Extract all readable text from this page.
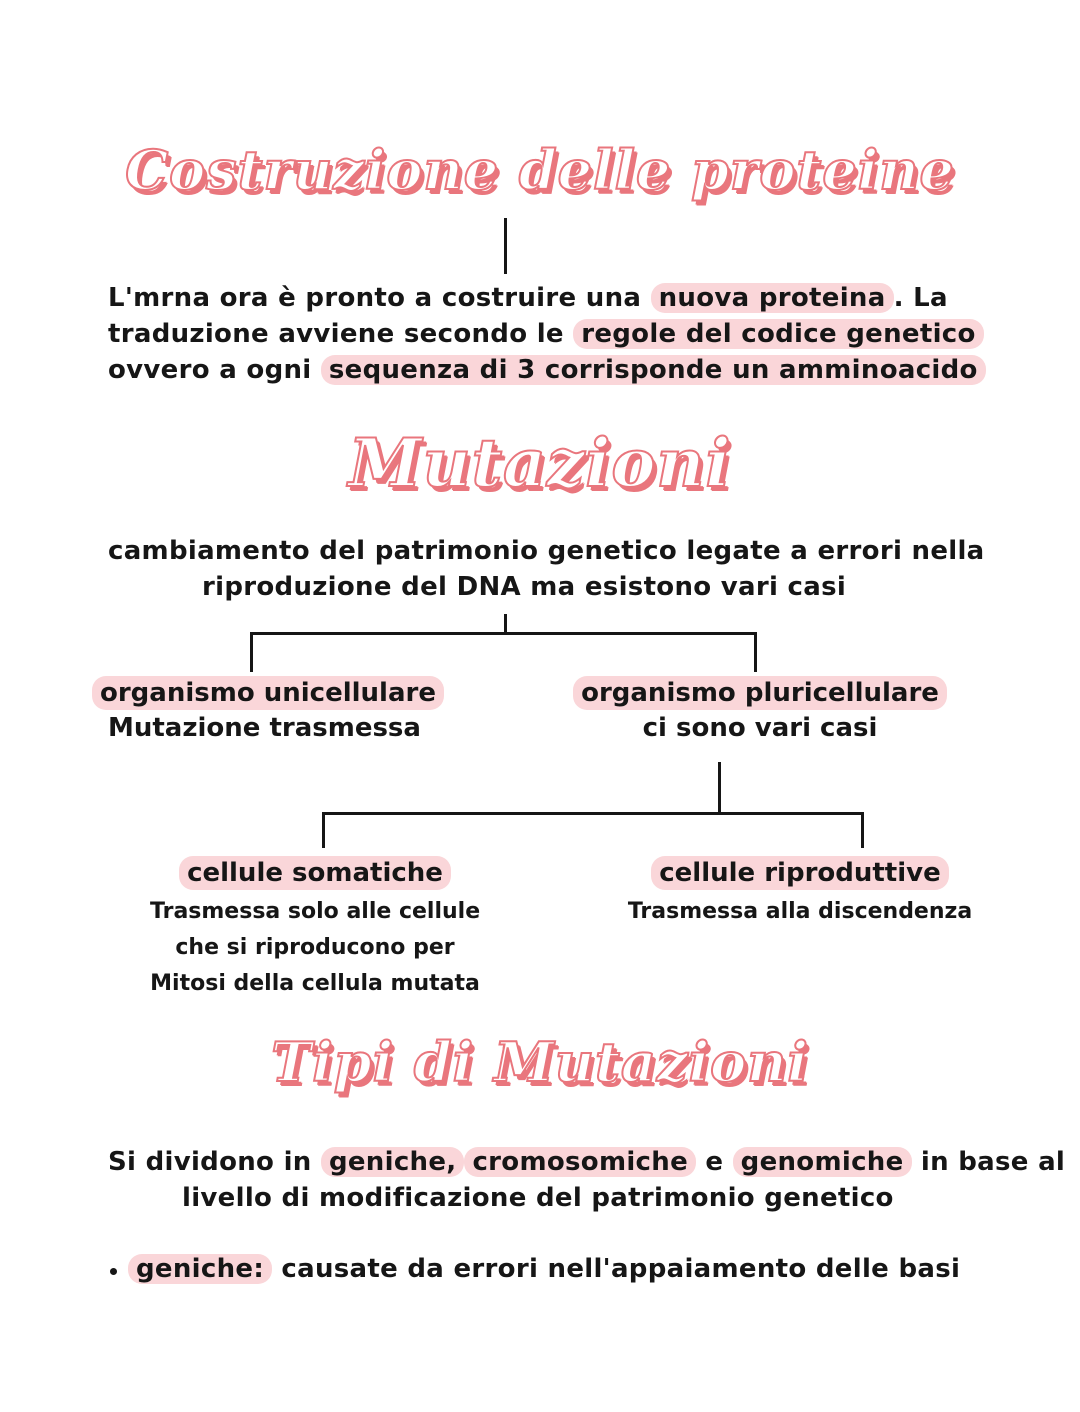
Costruzione delle proteine

L'mrna ora è pronto a costruire una nuova proteina . La
traduzione avviene secondo le regole del codice genetico
ovvero a ogni sequenza di 3 corrisponde un amminoacido

Mutazioni

cambiamento del patrimonio genetico legate a errori nella
riproduzione del DNA ma esistono vari casi

organismo unicellulare
Mutazione trasmessa
organismo pluricellulare
ci sono vari casi
cellule somatiche
Trasmessa solo alle cellule
che si riproducono per
Mitosi della cellula mutata
cellule riproduttive
Trasmessa alla discendenza
Tipi di Mutazioni

Si dividono in geniche, cromosomiche e genomiche in base al
livello di modificazione del patrimonio genetico

geniche: causate da errori nell'appaiamento delle basi
